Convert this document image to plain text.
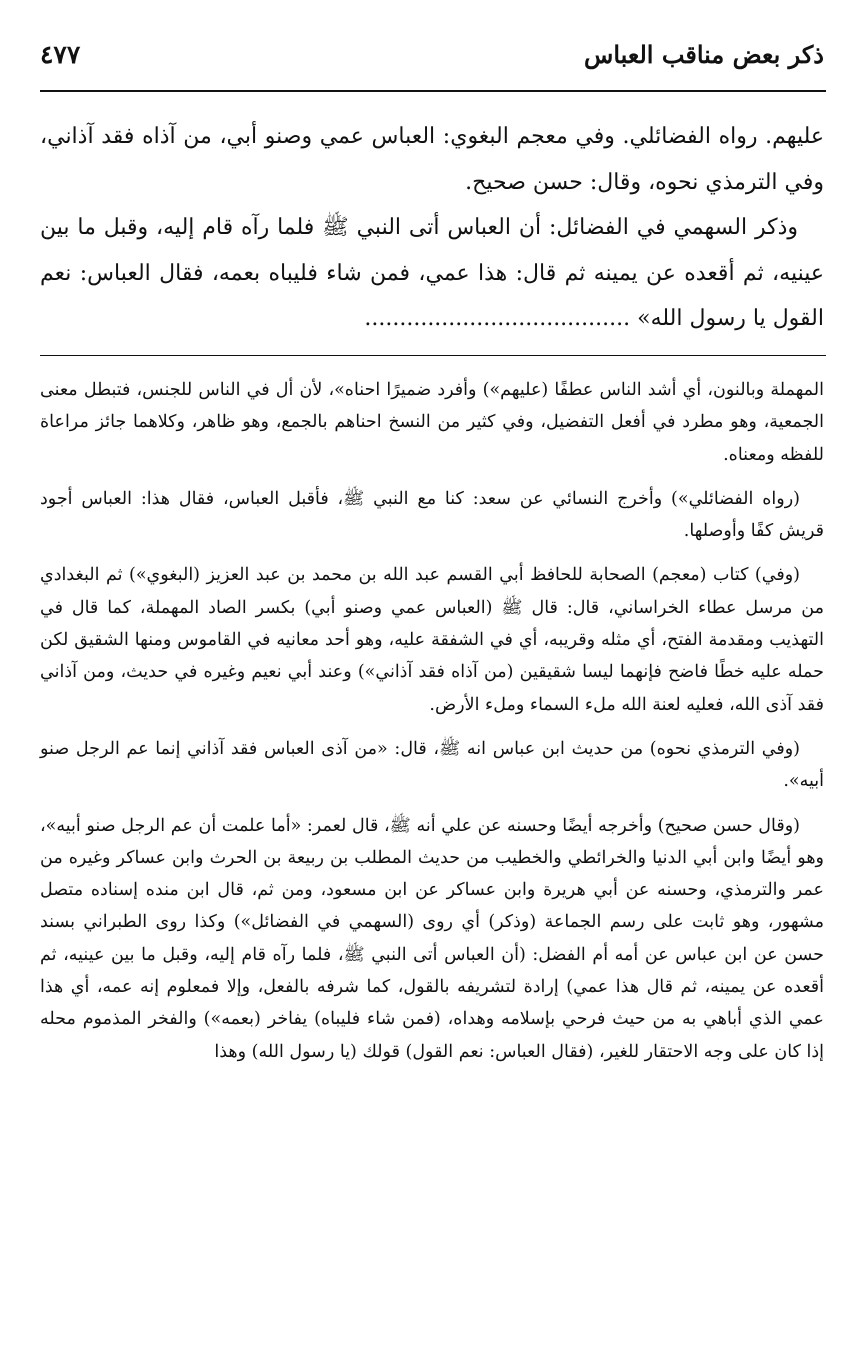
ذكر بعض مناقب العباس
٤٧٧

عليهم. رواه الفضائلي. وفي معجم البغوي: العباس عمي وصنو أبي، من آذاه فقد آذاني، وفي الترمذي نحوه، وقال: حسن صحيح.

وذكر السهمي في الفضائل: أن العباس أتى النبي ﷺ فلما رآه قام إليه، وقبل ما بين عينيه، ثم أقعده عن يمينه ثم قال: هذا عمي، فمن شاء فليباه بعمه، فقال العباس: نعم القول يا رسول الله» ......................................

المهملة وبالنون، أي أشد الناس عطفًا (عليهم») وأفرد ضميرًا احناه»، لأن أل في الناس للجنس، فتبطل معنى الجمعية، وهو مطرد في أفعل التفضيل، وفي كثير من النسخ احناهم بالجمع، وهو ظاهر، وكلاهما جائز مراعاة للفظه ومعناه.

(رواه الفضائلي») وأخرج النسائي عن سعد: كنا مع النبي ﷺ، فأقبل العباس، فقال هذا: العباس أجود قريش كفًا وأوصلها.

(وفي) كتاب (معجم) الصحابة للحافظ أبي القسم عبد الله بن محمد بن عبد العزيز (البغوي») ثم البغدادي من مرسل عطاء الخراساني، قال: قال ﷺ (العباس عمي وصنو أبي) بكسر الصاد المهملة، كما قال في التهذيب ومقدمة الفتح، أي مثله وقريبه، أي في الشفقة عليه، وهو أحد معانيه في القاموس ومنها الشقيق لكن حمله عليه خطًا فاضح فإنهما ليسا شقيقين (من آذاه فقد آذاني») وعند أبي نعيم وغيره في حديث، ومن آذاني فقد آذى الله، فعليه لعنة الله ملء السماء وملء الأرض.

(وفي الترمذي نحوه) من حديث ابن عباس انه ﷺ، قال: «من آذى العباس فقد آذاني إنما عم الرجل صنو أبيه».

(وقال حسن صحيح) وأخرجه أيضًا وحسنه عن علي أنه ﷺ، قال لعمر: «أما علمت أن عم الرجل صنو أبيه»، وهو أيضًا وابن أبي الدنيا والخرائطي والخطيب من حديث المطلب بن ربيعة بن الحرث وابن عساكر وغيره من عمر والترمذي، وحسنه عن أبي هريرة وابن عساكر عن ابن مسعود، ومن ثم، قال ابن منده إسناده متصل مشهور، وهو ثابت على رسم الجماعة (وذكر) أي روى (السهمي في الفضائل») وكذا روى الطبراني بسند حسن عن ابن عباس عن أمه أم الفضل: (أن العباس أتى النبي ﷺ، فلما رآه قام إليه، وقبل ما بين عينيه، ثم أقعده عن يمينه، ثم قال هذا عمي) إرادة لتشريفه بالقول، كما شرفه بالفعل، وإلا فمعلوم إنه عمه، أي هذا عمي الذي أباهي به من حيث فرحي بإسلامه وهداه، (فمن شاء فليباه) يفاخر (بعمه») والفخر المذموم محله إذا كان على وجه الاحتقار للغير، (فقال العباس: نعم القول) قولك (يا رسول الله) وهذا
